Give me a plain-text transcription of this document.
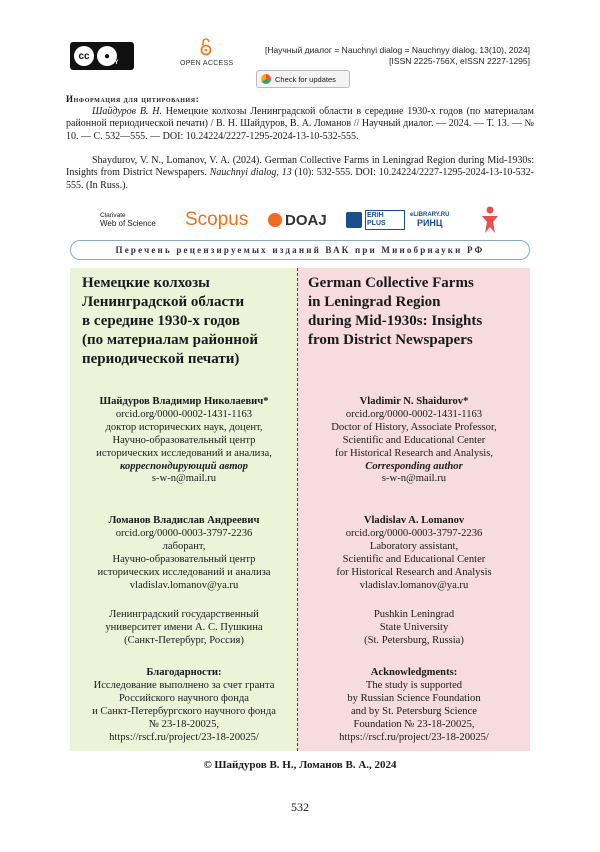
cc	●
BY	OPEN ACCESS
[Научный диалог = Nauchnyi dialog = Nauchnyy dialog, 13(10), 2024]
[ISSN 2225-756X, eISSN 2227-1295]
Check for updates
Информация для цитирования:
Шайдуров В. Н. Немецкие колхозы Ленинградской области в середине 1930-х годов (по материалам районной периодической печати) / В. Н. Шайдуров, В. А. Ломанов // Научный диалог. — 2024. — Т. 13. — № 10. — С. 532—555. — DOI: 10.24224/2227-1295-2024-13-10-532-555.
Shaydurov, V. N., Lomanov, V. A. (2024). German Collective Farms in Leningrad Region during Mid-1930s: Insights from District Newspapers. Nauchnyi dialog, 13 (10): 532-555. DOI: 10.24224/2227-1295-2024-13-10-532-555. (In Russ.).
Clarivate
Web of Science Scopus DOAJ	ERIH PLUS
eLIBRARY.RU
РИНЦ
Перечень рецензируемых изданий ВАК при Минобрнауки РФ
Немецкие колхозы
Ленинградской области
в середине 1930-х годов
(по материалам районной
периодической печати)
Шайдуров Владимир Николаевич*
orcid.org/0000-0002-1431-1163
доктор исторических наук, доцент,
Научно-образовательный центр
исторических исследований и анализа,
корреспондирующий автор
s-w-n@mail.ru
Ломанов Владислав Андреевич
orcid.org/0000-0003-3797-2236
лаборант,
Научно-образовательный центр
исторических исследований и анализа
vladislav.lomanov@ya.ru
Ленинградский государственный
университет имени А. С. Пушкина
(Санкт-Петербург, Россия)
Благодарности:
Исследование выполнено за счет гранта
Российского научного фонда
и Санкт-Петербургского научного фонда
№ 23-18-20025,
https://rscf.ru/project/23-18-20025/
German Collective Farms
in Leningrad Region
during Mid-1930s: Insights
from District Newspapers
Vladimir N. Shaidurov*
orcid.org/0000-0002-1431-1163
Doctor of History, Associate Professor,
Scientific and Educational Center
for Historical Research and Analysis,
Corresponding author
s-w-n@mail.ru
Vladislav A. Lomanov
orcid.org/0000-0003-3797-2236
Laboratory assistant,
Scientific and Educational Center
for Historical Research and Analysis
vladislav.lomanov@ya.ru
Pushkin Leningrad
State University
(St. Petersburg, Russia)
Acknowledgments:
The study is supported
by Russian Science Foundation
and by St. Petersburg Science
Foundation № 23-18-20025,
https://rscf.ru/project/23-18-20025/
© Шайдуров В. Н., Ломанов В. А., 2024
532
